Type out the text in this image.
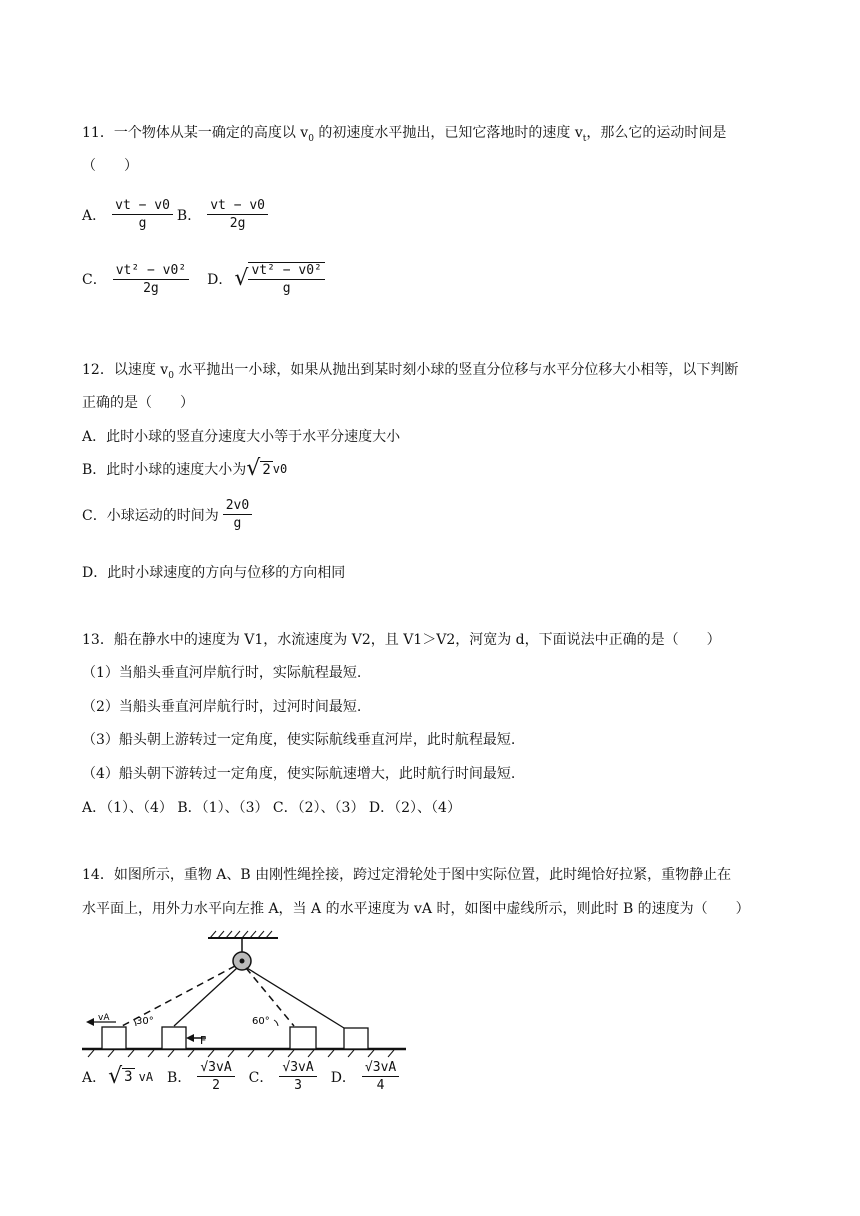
11．一个物体从某一确定的高度以 $v_0$ 的初速度水平抛出，已知它落地时的速度 $v_t$，那么它的运动时间是
（　　）
A． $\frac{vt - v0}{g}$ B． $\frac{vt - v0}{2g}$
C． $\frac{\text{vt² − v0²}}{2g}$ D． √ $\frac{\text{vt² − v0²}}{g}$
12．以速度 $v_0$ 水平抛出一小球，如果从抛出到某时刻小球的竖直分位移与水平分位移大小相等，以下判断
正确的是（　　）
A．此时小球的竖直分速度大小等于水平分速度大小
B．此时小球的速度大小为 √ 2 v0
C．小球运动的时间为 $\frac{2v0}{g}$
D．此时小球速度的方向与位移的方向相同
13．船在静水中的速度为 V1，水流速度为 V2，且 V1＞V2，河宽为 d，下面说法中正确的是（　　）
（1）当船头垂直河岸航行时，实际航程最短.
（2）当船头垂直河岸航行时，过河时间最短.
（3）船头朝上游转过一定角度，使实际航线垂直河岸，此时航程最短.
（4）船头朝下游转过一定角度，使实际航速增大，此时航行时间最短.
A．（1）、（4） B．（1）、（3） C．（2）、（3） D．（2）、（4）
14．如图所示，重物 A、B 由刚性绳拴接，跨过定滑轮处于图中实际位置，此时绳恰好拉紧，重物静止在
水平面上，用外力水平向左推 A，当 A 的水平速度为 vA 时，如图中虚线所示，则此时 B 的速度为（　　）
vA
F
30°	60°
A． √ 3 vA B． $\frac{√3vA}{2}$ C． $\frac{√3vA}{3}$ D． $\frac{√3vA}{4}$
